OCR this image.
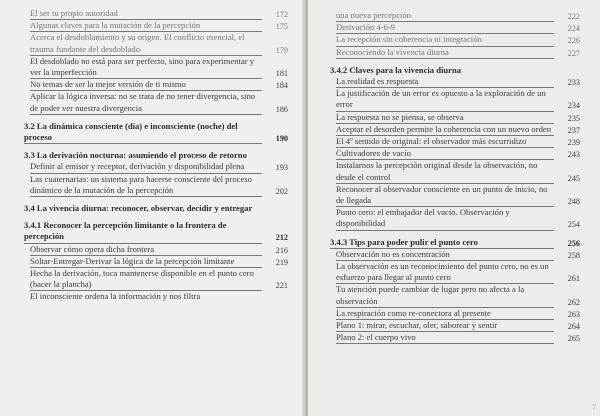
El ser tu propio autoridad	172
Algunas claves para la mutación de la percepción	175
Acerca el desdoblamiento y su origen. El conflicto esencial, el trauma fundante del desdoblado	179
El desdoblado no está para ser perfecto, sino para experimentar y ver la imperfección	181
No temas de ser la mejor versión de ti mismo	184
Aplicar la lógica inversa: no se trata de no tener divergencia, sino de poder ver nuestra divergencia	186
3.2 La dinámica consciente (día) e inconsciente (noche) del proceso	190
3.3 La derivación nocturna: asumiendo el proceso de retorno
Definir al emisor y receptor, derivación y disponibilidad plena	193
Las cuaternarias: un sistema para hacerse consciente del proceso dinámico de la mutación de la percepción	202
3.4 La vivencia diurna: reconocer, observar, decidir y entregar
3.4.1 Reconocer la percepción limitante o la frontera de percepción	212
Observar cómo opera dicha frontera	216
Soltar-Entregar-Derivar la lógica de la percepción limitante	219
Hecha la derivación, toca mantenerse disponible en el punto cero (hacer la plancha)	221
El inconsciente ordena la información y nos filtra
una nueva percepción	222
Derivación 4-6-9	224
La recepción sin coherencia ni integración	226
Reconociendo la vivencia diurna	227
3.4.2 Claves para la vivencia diurna
La realidad es respuesta	233
La justificación de un error es opuesto a la exploración de un error	234
La respuesta no se piensa, se observa	235
Aceptar el desorden permite la coherencia con un nuevo orden	237
El 4º sentido de original: el observador más escurridizo	239
Cultivadores de vacío	243
Instalarnos la percepción original desde la observación, no desde el control	245
Reconocer al observador consciente en un punto de inicio, no de llegada	248
Punto cero: el embajador del vacío. Observación y disponibilidad	254
3.4.3 Tips para poder pulir el punto cero	256
Observación no es concentración	258
La observación es un reconocimiento del punto cero, no es un esfuerzo para llegar al punto cero	261
Tu atención puede cambiar de lugar pero no afecta a la observación	262
La respiración como re-conectora al presente	263
Plano 1: mirar, escuchar, oler, saborear y sentir	264
Plano 2: el cuerpo vivo	265
7
